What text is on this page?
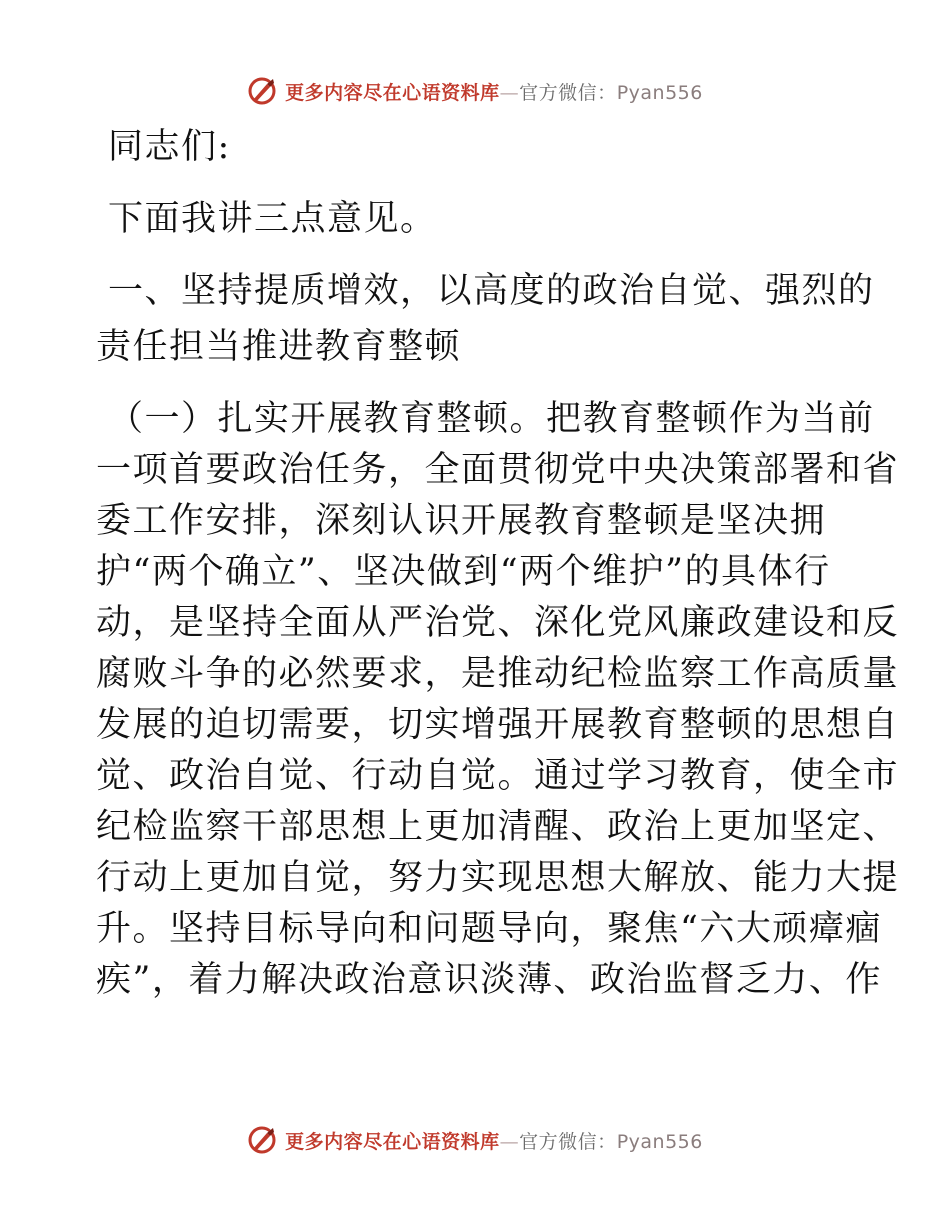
更多内容尽在心语资料库—官方微信：Pyan556
同志们:
下面我讲三点意见。
一、坚持提质增效，以高度的政治自觉、强烈的
责任担当推进教育整顿
（一）扎实开展教育整顿。把教育整顿作为当前
一项首要政治任务，全面贯彻党中央决策部署和省
委工作安排，深刻认识开展教育整顿是坚决拥
护“两个确立”、坚决做到“两个维护”的具体行
动，是坚持全面从严治党、深化党风廉政建设和反
腐败斗争的必然要求，是推动纪检监察工作高质量
发展的迫切需要，切实增强开展教育整顿的思想自
觉、政治自觉、行动自觉。通过学习教育，使全市
纪检监察干部思想上更加清醒、政治上更加坚定、
行动上更加自觉，努力实现思想大解放、能力大提
升。坚持目标导向和问题导向，聚焦“六大顽瘴痼
疾”，着力解决政治意识淡薄、政治监督乏力、作
更多内容尽在心语资料库—官方微信：Pyan556
